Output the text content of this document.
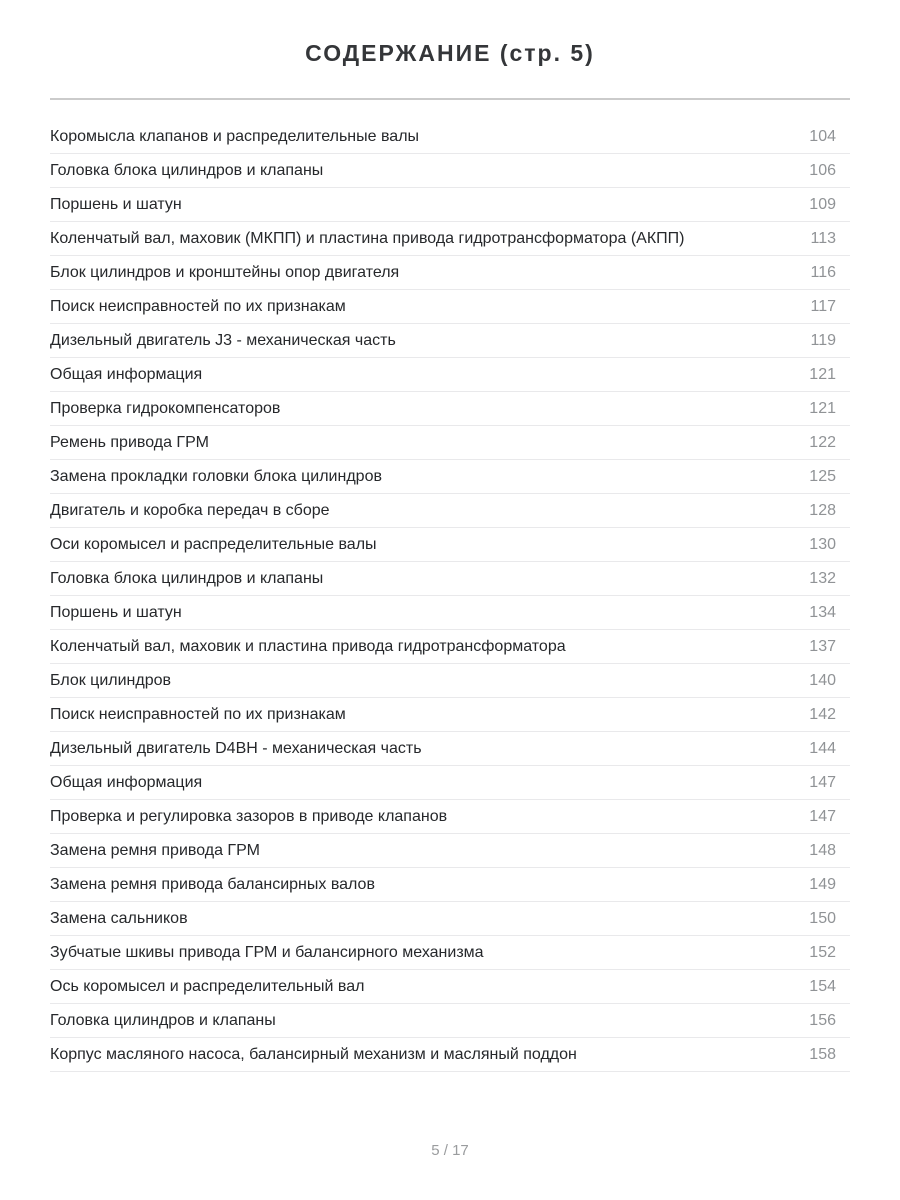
СОДЕРЖАНИЕ (стр. 5)
Коромысла клапанов и распределительные валы	104
Головка блока цилиндров и клапаны	106
Поршень и шатун	109
Коленчатый вал, маховик (МКПП) и пластина привода гидротрансформатора (АКПП)	113
Блок цилиндров и кронштейны опор двигателя	116
Поиск неисправностей по их признакам	117
Дизельный двигатель J3 - механическая часть	119
Общая информация	121
Проверка гидрокомпенсаторов	121
Ремень привода ГРМ	122
Замена прокладки головки блока цилиндров	125
Двигатель и коробка передач в сборе	128
Оси коромысел и распределительные валы	130
Головка блока цилиндров и клапаны	132
Поршень и шатун	134
Коленчатый вал, маховик и пластина привода гидротрансформатора	137
Блок цилиндров	140
Поиск неисправностей по их признакам	142
Дизельный двигатель D4BH - механическая часть	144
Общая информация	147
Проверка и регулировка зазоров в приводе клапанов	147
Замена ремня привода ГРМ	148
Замена ремня привода балансирных валов	149
Замена сальников	150
Зубчатые шкивы привода ГРМ и балансирного механизма	152
Ось коромысел и распределительный вал	154
Головка цилиндров и клапаны	156
Корпус масляного насоса, балансирный механизм и масляный поддон	158
5 / 17
